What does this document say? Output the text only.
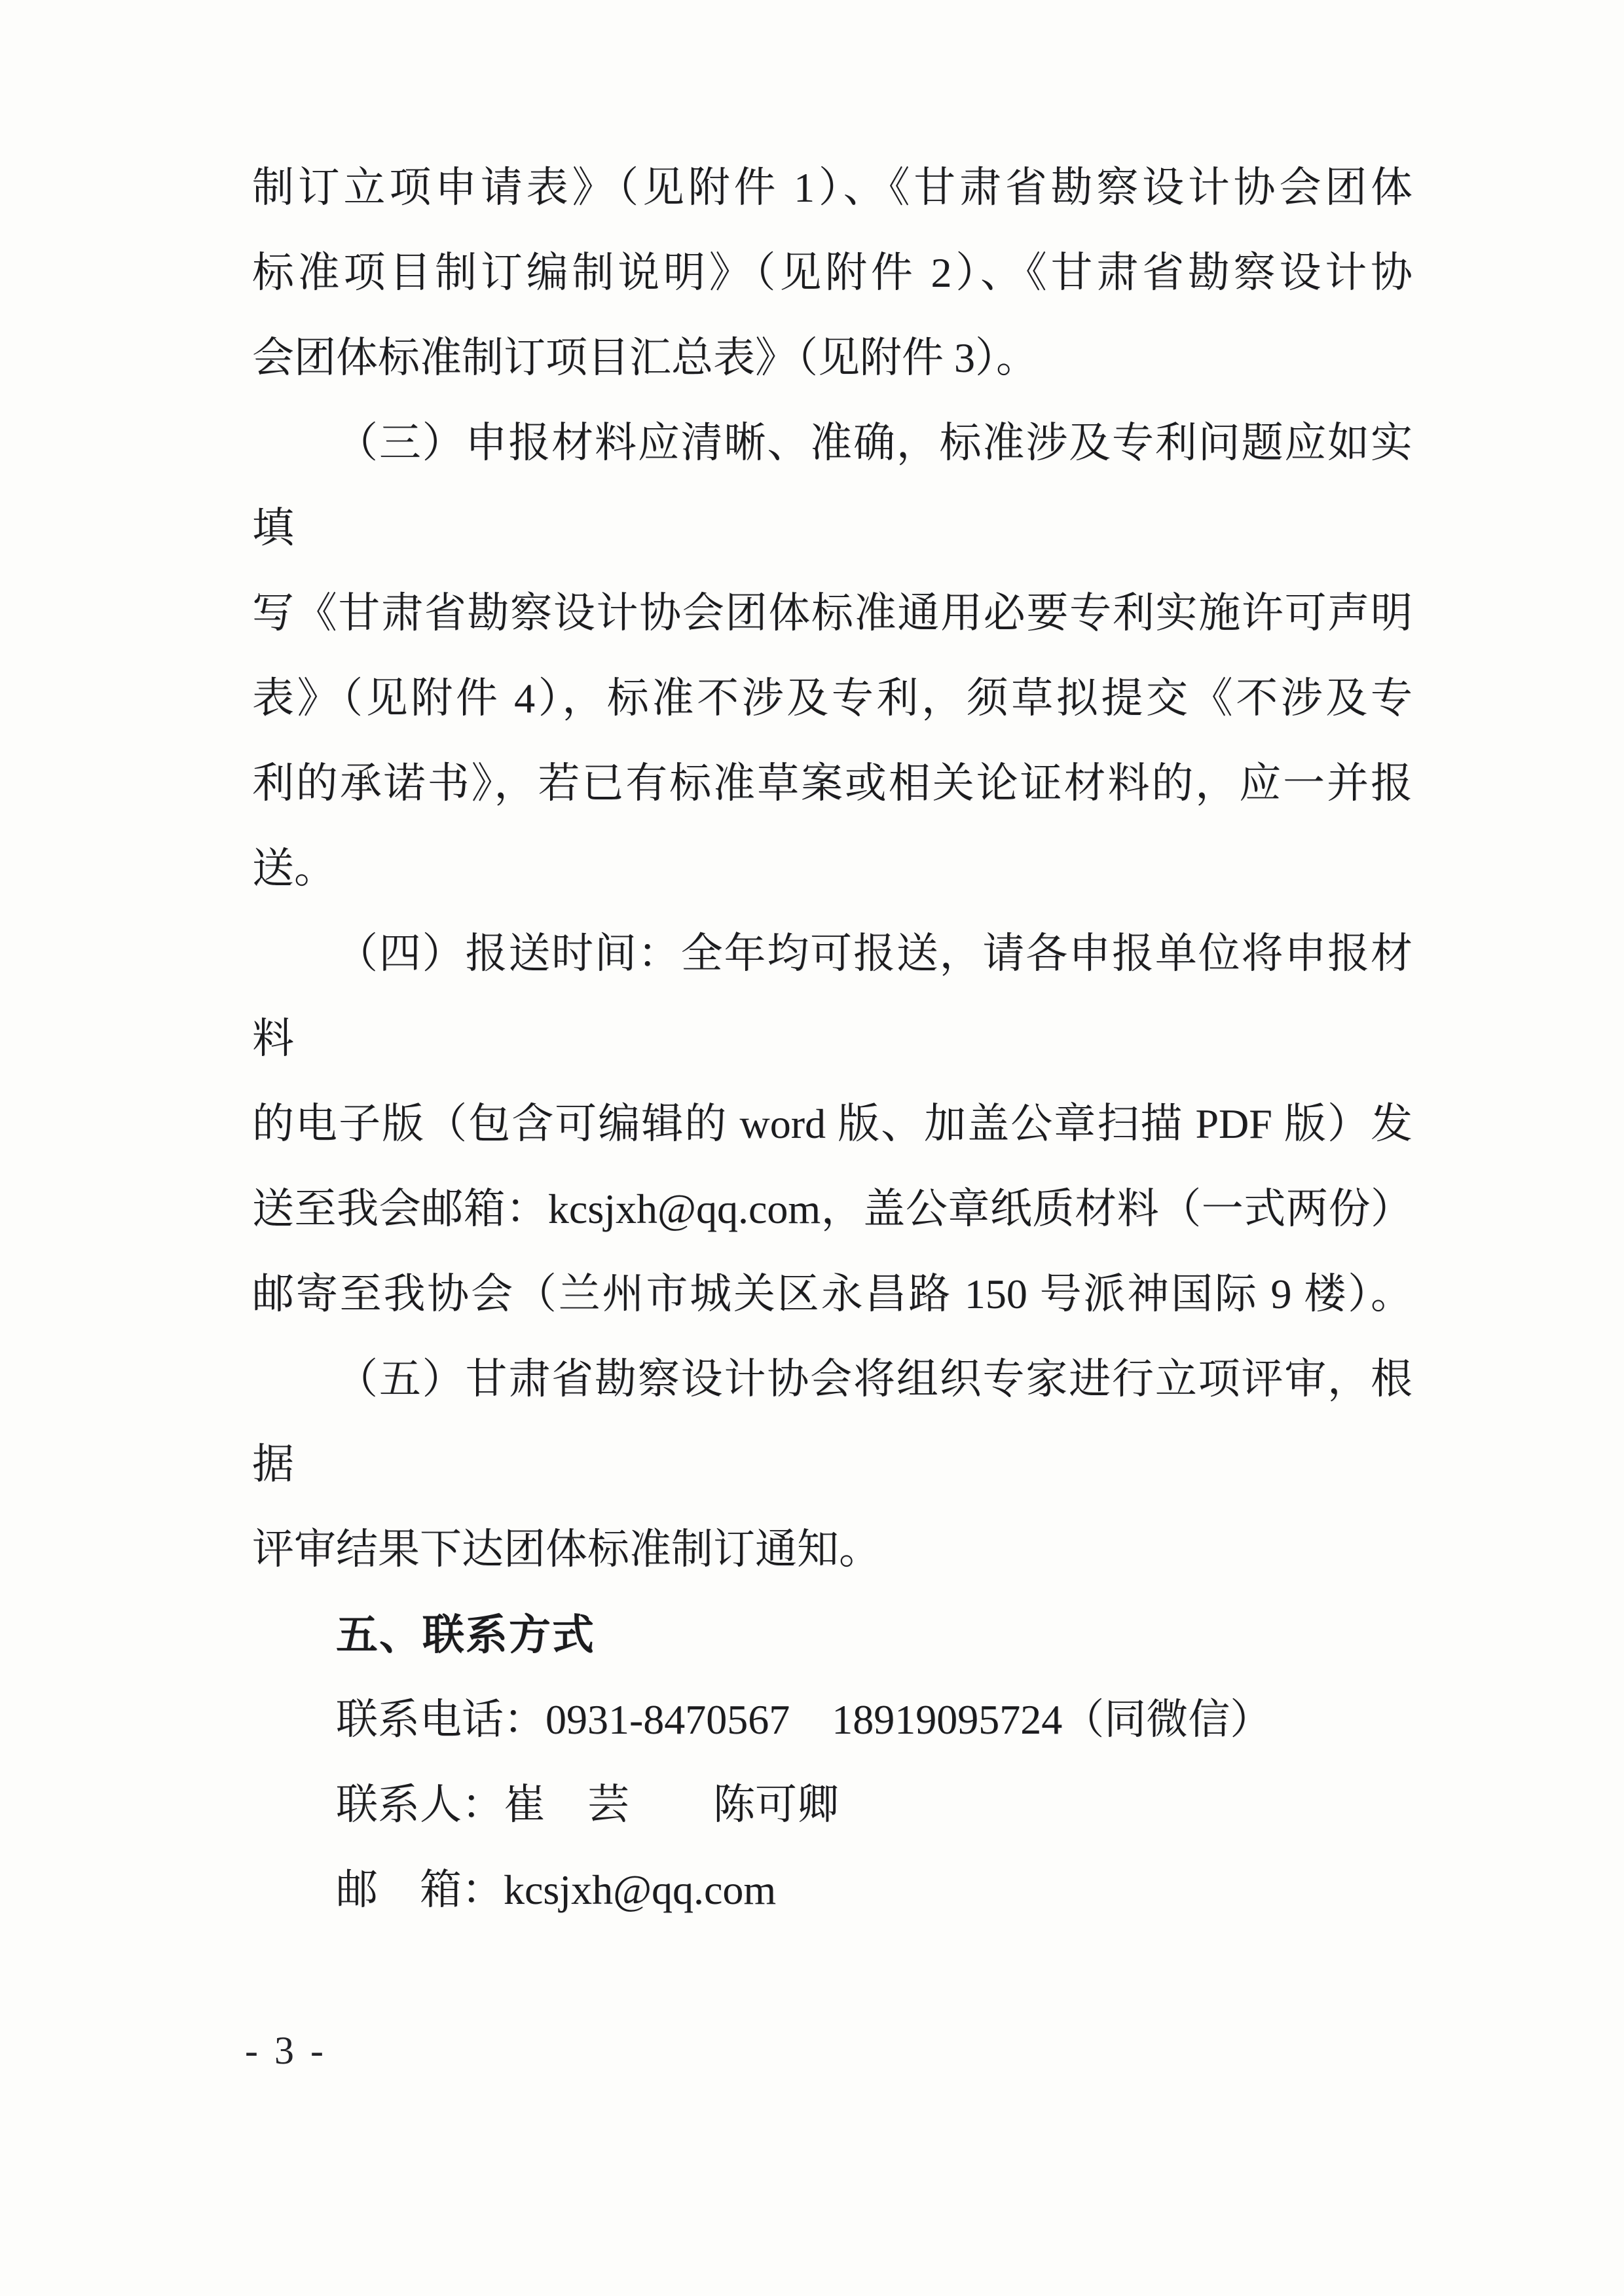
制订立项申请表》（见附件 1）、《甘肃省勘察设计协会团体
标准项目制订编制说明》（见附件 2）、《甘肃省勘察设计协
会团体标准制订项目汇总表》（见附件 3）。
（三）申报材料应清晰、准确，标准涉及专利问题应如实填
写《甘肃省勘察设计协会团体标准通用必要专利实施许可声明
表》（见附件 4），标准不涉及专利，须草拟提交《不涉及专
利的承诺书》，若已有标准草案或相关论证材料的，应一并报
送。
（四）报送时间：全年均可报送，请各申报单位将申报材料
的电子版（包含可编辑的 word 版、加盖公章扫描 PDF 版）发
送至我会邮箱：kcsjxh@qq.com，盖公章纸质材料（一式两份）
邮寄至我协会（兰州市城关区永昌路 150 号派神国际 9 楼）。
（五）甘肃省勘察设计协会将组织专家进行立项评审，根据
评审结果下达团体标准制订通知。
五、联系方式
联系电话：0931-8470567　18919095724（同微信）
联系人：崔　芸　　陈可卿
邮　箱：kcsjxh@qq.com
- 3 -
